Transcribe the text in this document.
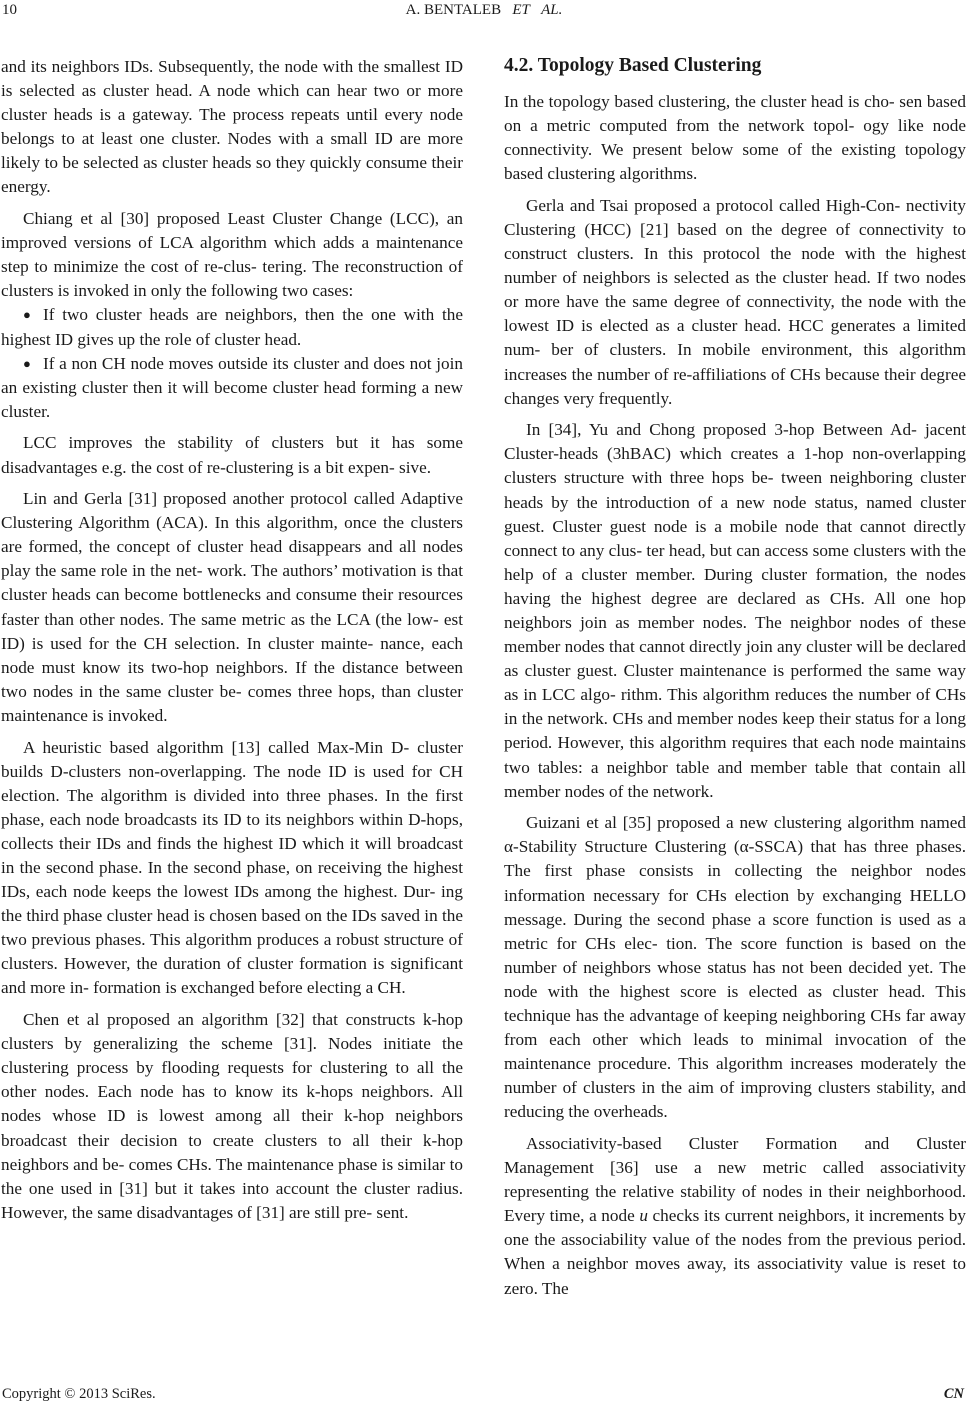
10	A. BENTALEB ET AL.

and its neighbors IDs. Subsequently, the node with the smallest ID is selected as cluster head. A node which can hear two or more cluster heads is a gateway. The process repeats until every node belongs to at least one cluster. Nodes with a small ID are more likely to be selected as cluster heads so they quickly consume their energy.

Chiang et al [30] proposed Least Cluster Change (LCC), an improved versions of LCA algorithm which adds a maintenance step to minimize the cost of re-clus- tering. The reconstruction of clusters is invoked in only the following two cases:

● If two cluster heads are neighbors, then the one with the highest ID gives up the role of cluster head.

● If a non CH node moves outside its cluster and does not join an existing cluster then it will become cluster head forming a new cluster.

LCC improves the stability of clusters but it has some disadvantages e.g. the cost of re-clustering is a bit expen- sive.

Lin and Gerla [31] proposed another protocol called Adaptive Clustering Algorithm (ACA). In this algorithm, once the clusters are formed, the concept of cluster head disappears and all nodes play the same role in the net- work. The authors’ motivation is that cluster heads can become bottlenecks and consume their resources faster than other nodes. The same metric as the LCA (the low- est ID) is used for the CH selection. In cluster mainte- nance, each node must know its two-hop neighbors. If the distance between two nodes in the same cluster be- comes three hops, than cluster maintenance is invoked.

A heuristic based algorithm [13] called Max-Min D- cluster builds D-clusters non-overlapping. The node ID is used for CH election. The algorithm is divided into three phases. In the first phase, each node broadcasts its ID to its neighbors within D-hops, collects their IDs and finds the highest ID which it will broadcast in the second phase. In the second phase, on receiving the highest IDs, each node keeps the lowest IDs among the highest. Dur- ing the third phase cluster head is chosen based on the IDs saved in the two previous phases. This algorithm produces a robust structure of clusters. However, the duration of cluster formation is significant and more in- formation is exchanged before electing a CH.

Chen et al proposed an algorithm [32] that constructs k-hop clusters by generalizing the scheme [31]. Nodes initiate the clustering process by flooding requests for clustering to all the other nodes. Each node has to know its k-hops neighbors. All nodes whose ID is lowest among all their k-hop neighbors broadcast their decision to create clusters to all their k-hop neighbors and be- comes CHs. The maintenance phase is similar to the one used in [31] but it takes into account the cluster radius. However, the same disadvantages of [31] are still pre- sent.

4.2. Topology Based Clustering

In the topology based clustering, the cluster head is cho- sen based on a metric computed from the network topol- ogy like node connectivity. We present below some of the existing topology based clustering algorithms.

Gerla and Tsai proposed a protocol called High-Con- nectivity Clustering (HCC) [21] based on the degree of connectivity to construct clusters. In this protocol the node with the highest number of neighbors is selected as the cluster head. If two nodes or more have the same degree of connectivity, the node with the lowest ID is elected as a cluster head. HCC generates a limited num- ber of clusters. In mobile environment, this algorithm increases the number of re-affiliations of CHs because their degree changes very frequently.

In [34], Yu and Chong proposed 3-hop Between Ad- jacent Cluster-heads (3hBAC) which creates a 1-hop non-overlapping clusters structure with three hops be- tween neighboring cluster heads by the introduction of a new node status, named cluster guest. Cluster guest node is a mobile node that cannot directly connect to any clus- ter head, but can access some clusters with the help of a cluster member. During cluster formation, the nodes having the highest degree are declared as CHs. All one hop neighbors join as member nodes. The neighbor nodes of these member nodes that cannot directly join any cluster will be declared as cluster guest. Cluster maintenance is performed the same way as in LCC algo- rithm. This algorithm reduces the number of CHs in the network. CHs and member nodes keep their status for a long period. However, this algorithm requires that each node maintains two tables: a neighbor table and member table that contain all member nodes of the network.

Guizani et al [35] proposed a new clustering algorithm named α-Stability Structure Clustering (α-SSCA) that has three phases. The first phase consists in collecting the neighbor nodes information necessary for CHs election by exchanging HELLO message. During the second phase a score function is used as a metric for CHs elec- tion. The score function is based on the number of neighbors whose status has not been decided yet. The node with the highest score is elected as cluster head. This technique has the advantage of keeping neighboring CHs far away from each other which leads to minimal invocation of the maintenance procedure. This algorithm increases moderately the number of clusters in the aim of improving clusters stability, and reducing the overheads.

Associativity-based Cluster Formation and Cluster Management [36] use a new metric called associativity representing the relative stability of nodes in their neighborhood. Every time, a node u checks its current neighbors, it increments by one the associability value of the nodes from the previous period. When a neighbor moves away, its associativity value is reset to zero. The

Copyright © 2013 SciRes.	CN
